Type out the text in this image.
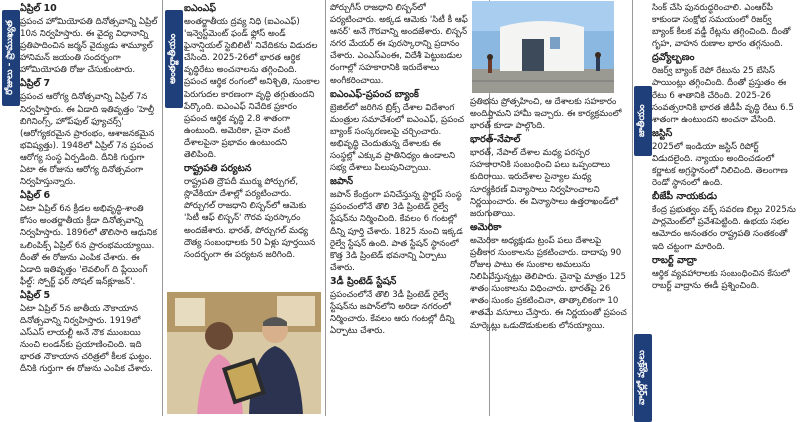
రోజులు - ప్రాముఖ్యత	అంతర్జాతీయం
జాతీయం
వార్తల్లో వ్యక్తులు
ఏప్రిల్ 10

ప్రపంచ హోమియోపతి దినోత్సవాన్ని ఏప్రిల్ 10న నిర్వహిస్తారు. ఈ వైద్య విధానాన్ని ప్రతిపాదించిన జర్మన్ వైద్యుడు శామ్యూల్ హానిమన్ జయంతి సందర్భంగా హోమియోపతి రోజు చేసుకుంటారు.

ఏప్రిల్ 7

ప్రపంచ ఆరోగ్య దినోత్సవాన్ని ఏప్రిల్ 7న నిర్వహిస్తారు. ఈ ఏడాది ఇతివృత్తం 'హెల్తీ బిగినింగ్స్, హోప్‌ఫుల్ ఫ్యూచర్స్' (ఆరోగ్యకరమైన ప్రారంభం, ఆశాజనకమైన భవిష్యత్తు). 1948లో ఏప్రిల్ 7న ప్రపంచ ఆరోగ్య సంస్థ ఏర్పడింది. దీనికి గుర్తుగా ఏటా ఈ రోజును ఆరోగ్య దినోత్సవంగా నిర్వహిస్తున్నారు.

ఏప్రిల్ 6

ఏటా ఏప్రిల్ 6న క్రీడల అభివృద్ధి-శాంతి కోసం అంతర్జాతీయ క్రీడా దినోత్సవాన్ని నిర్వహిస్తారు. 1896లో తొలిసారి ఆధునిక ఒలింపిక్స్ ఏప్రిల్ 6న ప్రారంభమయ్యాయి. దీంతో ఈ రోజును ఎంపిక చేశారు. ఈ ఏడాది ఇతివృత్తం 'లెవలింగ్ ది ప్లేయింగ్ ఫీల్డ్: స్పోర్ట్ ఫర్ సోషల్ ఇన్‌క్లూజన్'.

ఏప్రిల్ 5

ఏటా ఏప్రిల్ 5న జాతీయ నౌకాయాన దినోత్సవాన్ని నిర్వహిస్తారు. 1919లో ఎస్ఎస్ లాయల్టీ అనే నౌక ముంబయి నుంచి లండన్‌కు ప్రయాణించింది. ఇది భారత నౌకాయాన చరిత్రలో కీలక ఘట్టం. దీనికి గుర్తుగా ఈ రోజును ఎంపిక చేశారు.

ఐఎంఎఫ్

అంతర్జాతీయ ద్రవ్య నిధి (ఐఎంఎఫ్) 'ఇన్వెస్ట్‌మెంట్ ఫండ్ ఫ్లోస్ అండ్ ఫైనాన్షియల్ స్టెబిలిటీ' నివేదికను విడుదల చేసింది. 2025-26లో భారత ఆర్థిక వృద్ధిరేటు అంచనాలను తగ్గించింది. ప్రపంచ ఆర్థిక రంగంలో అనిశ్చితి, సుంకాల పెరుగుదల కారణంగా వృద్ధి తగ్గుతుందని పేర్కొంది. ఐఎంఎఫ్ నివేదిక ప్రకారం ప్రపంచ ఆర్థిక వృద్ధి 2.8 శాతంగా ఉంటుంది. అమెరికా, చైనా వంటి దేశాలపైనా ప్రభావం ఉంటుందని తెలిపింది.

రాష్ట్రపతి పర్యటన

రాష్ట్రపతి ద్రౌపదీ ముర్ము పోర్చుగల్, స్లొవేకియా దేశాల్లో పర్యటించారు. పోర్చుగల్ రాజధాని లిస్బన్‌లో ఆమెకు 'సిటీ ఆఫ్ లిస్బన్' గౌరవ పురస్కారం అందజేశారు. భారత్, పోర్చుగల్ మధ్య దౌత్య సంబంధాలకు 50 ఏళ్లు పూర్తయిన సందర్భంగా ఈ పర్యటన జరిగింది.

పోర్చుగీస్ రాజధాని లిస్బన్‌లో పర్యటించారు. అక్కడ ఆమెకు 'సిటీ కీ ఆఫ్ ఆనర్' అనే గౌరవాన్ని అందజేశారు. లిస్బన్ నగర మేయర్ ఈ పురస్కారాన్ని ప్రదానం చేశారు. ఎంఎస్ఎంఈ, విదేశీ పెట్టుబడుల రంగాల్లో సహకారానికి ఇరుదేశాలు అంగీకరించాయి.

ఐఎంఎఫ్-ప్రపంచ బ్యాంక్

బ్రెజిల్‌లో జరిగిన బ్రిక్స్ దేశాల విదేశాంగ మంత్రుల సమావేశంలో ఐఎంఎఫ్, ప్రపంచ బ్యాంక్ సంస్కరణలపై చర్చించారు. అభివృద్ధి చెందుతున్న దేశాలకు ఈ సంస్థల్లో ఎక్కువ ప్రాతినిధ్యం ఉండాలని సభ్య దేశాలు పిలుపునిచ్చాయి.

జపాన్

జపాన్ కేంద్రంగా పనిచేస్తున్న స్టార్టప్ సంస్థ ప్రపంచంలోనే తొలి 3డి ప్రింటెడ్ రైల్వే స్టేషన్‌ను నిర్మించింది. కేవలం 6 గంటల్లో దీన్ని పూర్తి చేశారు. 1825 నుంచి ఇక్కడ రైల్వే స్టేషన్ ఉంది. పాత స్టేషన్ స్థానంలో కొత్త 3డి ప్రింటెడ్ భవనాన్ని ఏర్పాటు చేశారు.

3డీ ప్రింటెడ్ స్టేషన్

ప్రపంచంలోనే తొలి 3డీ ప్రింటెడ్ రైల్వే స్టేషన్‌ను జపాన్‌లోని అరిడా నగరంలో నిర్మించారు. కేవలం ఆరు గంటల్లో దీన్ని ఏర్పాటు చేశారు.

ప్రతిభను ప్రోత్సహించి, ఆ దేశాలకు సహకారం అందిస్తామని హామీ ఇచ్చారు. ఈ కార్యక్రమంలో భారత్ కూడా పాల్గొంది.

భారత్-నేపాల్

భారత్, నేపాల్ దేశాల మధ్య పరస్పర సహకారానికి సంబంధించి పలు ఒప్పందాలు కుదిరాయి. ఇరుదేశాల సైన్యాల మధ్య సూర్యకిరణ్ విన్యాసాలు నిర్వహించాలని నిర్ణయించారు. ఈ విన్యాసాలు ఉత్తరాఖండ్‌లో జరుగుతాయి.

అమెరికా

అమెరికా అధ్యక్షుడు ట్రంప్ పలు దేశాలపై ప్రతీకార సుంకాలను ప్రకటించారు. దాదాపు 90 రోజుల పాటు ఈ సుంకాల అమలును నిలిపివేస్తున్నట్లు తెలిపారు. చైనాపై మాత్రం 125 శాతం సుంకాలను విధించారు. భారత్‌పై 26 శాతం సుంకం ప్రకటించినా, తాత్కాలికంగా 10 శాతమే వసూలు చేస్తారు. ఈ నిర్ణయంతో ప్రపంచ మార్కెట్లు ఒడుదొడుకులకు లోనయ్యాయి.

సింక్ చేసి పునరుద్ధరించాలి. ఎంఆర్‌పీ కాకుండా సంక్షోభ సమయంలో రిజర్వ్ బ్యాంక్ కీలక వడ్డీ రేట్లను తగ్గించింది. దీంతో గృహ, వాహన రుణాల భారం తగ్గనుంది.

ద్రవ్యోల్బణం

రిజర్వ్ బ్యాంక్ రెపో రేటును 25 బేసిస్ పాయింట్లు తగ్గించింది. దీంతో ప్రస్తుతం ఈ రేటు 6 శాతానికి చేరింది. 2025-26 సంవత్సరానికి భారత జీడీపీ వృద్ధి రేటు 6.5 శాతంగా ఉంటుందని అంచనా వేసింది.

జస్టిస్

2025లో ఇండియా జస్టిస్ రిపోర్ట్ విడుదలైంది. న్యాయం అందించడంలో కర్ణాటక అగ్రస్థానంలో నిలిచింది. తెలంగాణ రెండో స్థానంలో ఉంది.

బీజేపీ నాయకుడు

కేంద్ర ప్రభుత్వం వక్ఫ్ సవరణ బిల్లు 2025ను పార్లమెంట్‌లో ప్రవేశపెట్టింది. ఉభయ సభల ఆమోదం అనంతరం రాష్ట్రపతి సంతకంతో ఇది చట్టంగా మారింది.

రాబర్ట్ వాద్రా

ఆర్థిక వ్యవహారాలకు సంబంధించిన కేసులో రాబర్ట్ వాద్రాను ఈడీ ప్రశ్నించింది.
